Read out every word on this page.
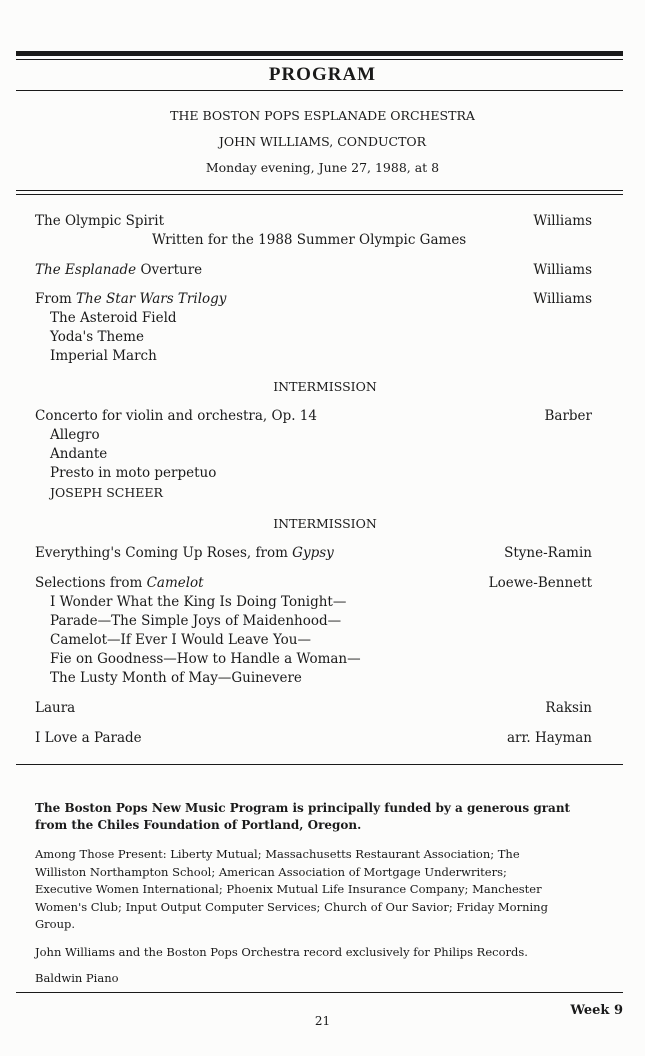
PROGRAM
THE BOSTON POPS ESPLANADE ORCHESTRA
JOHN WILLIAMS, CONDUCTOR
Monday evening, June 27, 1988, at 8
The Olympic Spirit	Williams
Written for the 1988 Summer Olympic Games
The Esplanade Overture	Williams
From The Star Wars Trilogy	Williams
The Asteroid Field
Yoda's Theme
Imperial March
INTERMISSION
Concerto for violin and orchestra, Op. 14	Barber
Allegro
Andante
Presto in moto perpetuo
JOSEPH SCHEER
INTERMISSION
Everything's Coming Up Roses, from Gypsy	Styne-Ramin
Selections from Camelot	Loewe-Bennett
I Wonder What the King Is Doing Tonight—
Parade—The Simple Joys of Maidenhood—
Camelot—If Ever I Would Leave You—
Fie on Goodness—How to Handle a Woman—
The Lusty Month of May—Guinevere
Laura	Raksin
I Love a Parade	arr. Hayman
The Boston Pops New Music Program is principally funded by a generous grant
from the Chiles Foundation of Portland, Oregon.
Among Those Present: Liberty Mutual; Massachusetts Restaurant Association; The
Williston Northampton School; American Association of Mortgage Underwriters;
Executive Women International; Phoenix Mutual Life Insurance Company; Manchester
Women's Club; Input Output Computer Services; Church of Our Savior; Friday Morning
Group.
John Williams and the Boston Pops Orchestra record exclusively for Philips Records.
Baldwin Piano
21
Week 9
